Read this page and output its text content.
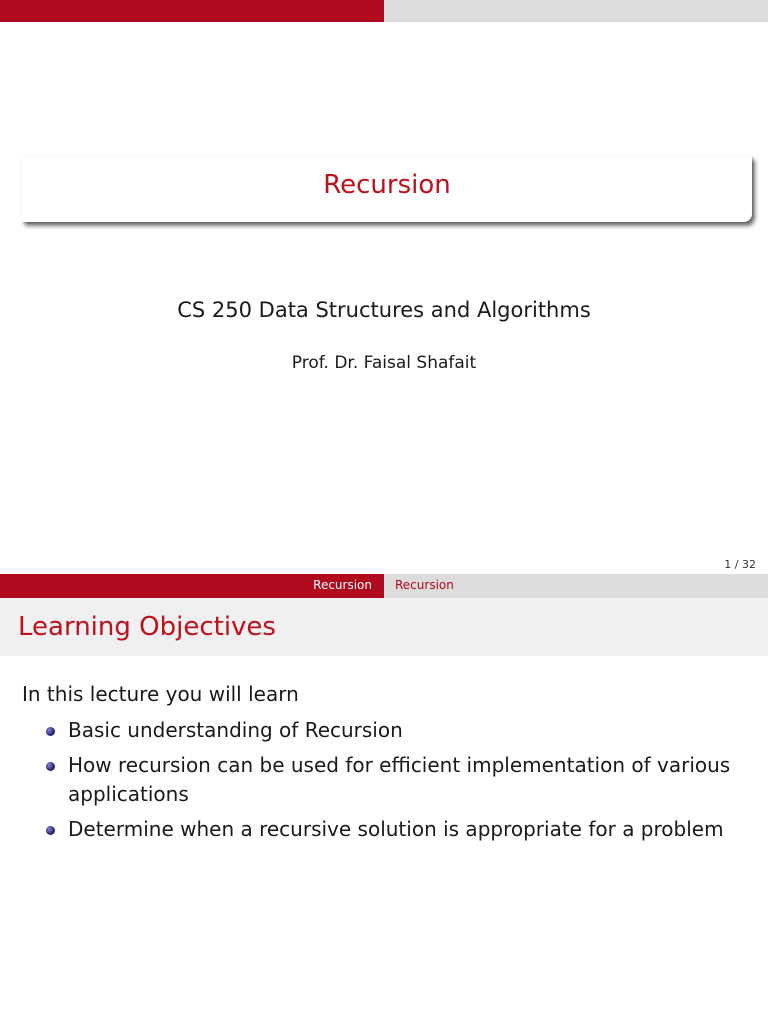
Recursion
CS 250 Data Structures and Algorithms
Prof. Dr. Faisal Shafait
1 / 32
Recursion Recursion
Learning Objectives
In this lecture you will learn
Basic understanding of Recursion
How recursion can be used for efficient implementation of various applications
Determine when a recursive solution is appropriate for a problem
